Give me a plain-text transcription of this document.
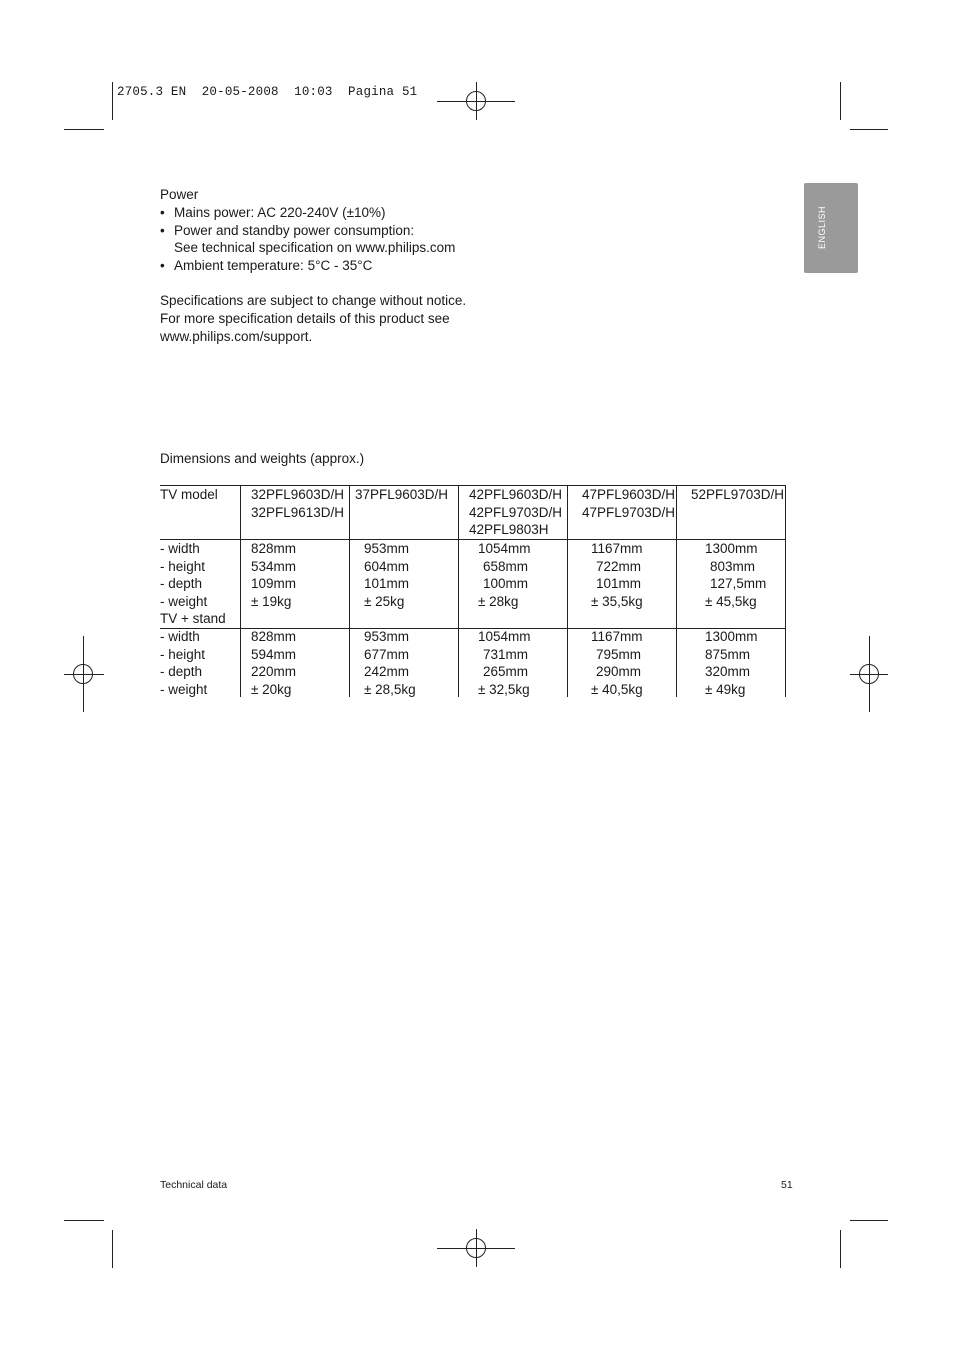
2705.3 EN  20-05-2008  10:03  Pagina 51
ENGLISH
Power
• Mains power: AC 220-240V (±10%)
• Power and standby power consumption:
See technical specification on www.philips.com
• Ambient temperature: 5°C - 35°C
Specifications are subject to change without notice.
For more specification details of this product see
www.philips.com/support.
Dimensions and weights (approx.)
TV model 32PFL9603D/H
32PFL9613D/H
37PFL9603D/H 42PFL9603D/H
42PFL9703D/H
42PFL9803H
47PFL9603D/H
47PFL9703D/H
52PFL9703D/H
- width
- height
- depth
- weight
TV + stand
828mm
534mm
109mm
± 19kg
953mm
604mm
101mm
± 25kg
1054mm
658mm
100mm
± 28kg
1167mm
722mm
101mm
± 35,5kg
1300mm
803mm
127,5mm
± 45,5kg
- width
- height
- depth
- weight
828mm
594mm
220mm
± 20kg
953mm
677mm
242mm
± 28,5kg
1054mm
731mm
265mm
± 32,5kg
1167mm
795mm
290mm
± 40,5kg
1300mm
875mm
320mm
± 49kg
Technical data	51
